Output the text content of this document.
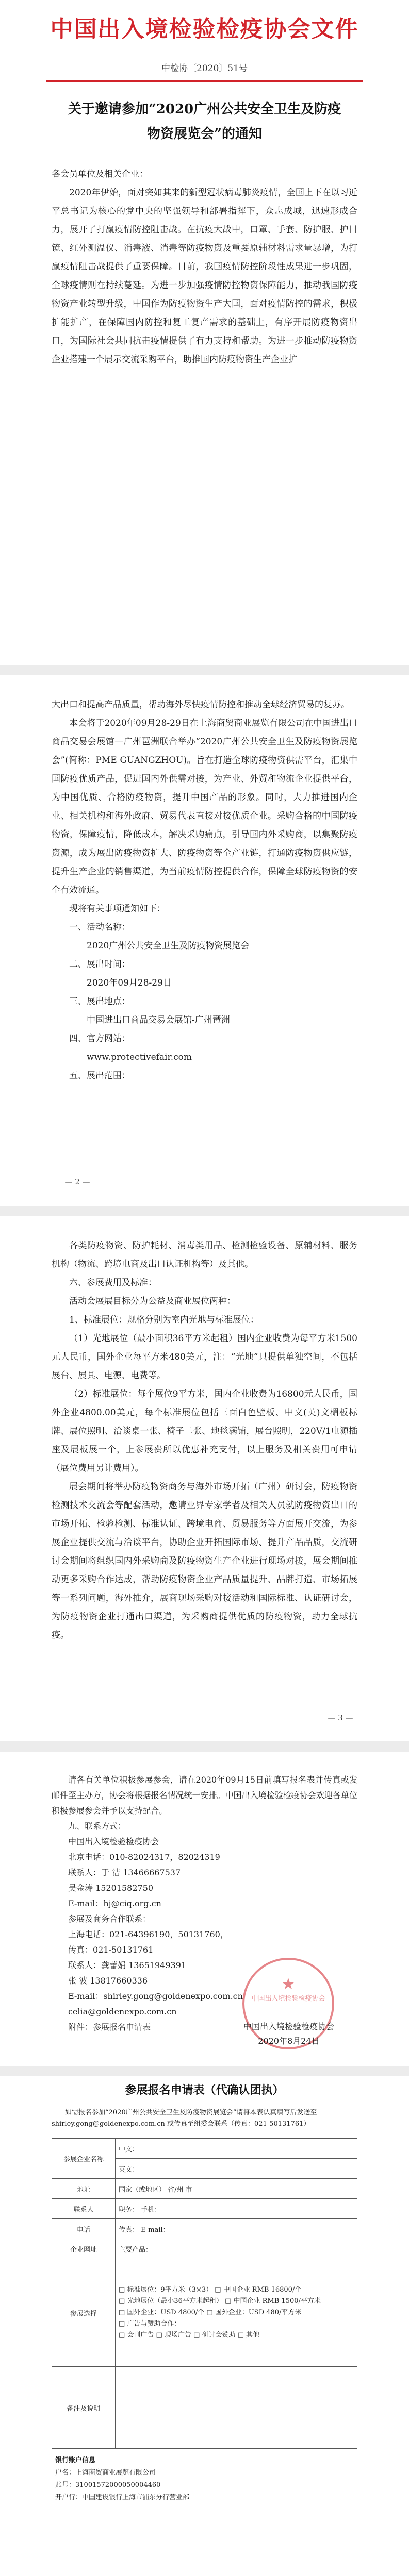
中国出入境检验检疫协会文件
中检协〔2020〕51号
关于邀请参加“2020广州公共安全卫生及防疫
物资展览会”的通知

各会员单位及相关企业：

2020年伊始，面对突如其来的新型冠状病毒肺炎疫情，全国上下在以习近平总书记为核心的党中央的坚强领导和部署指挥下，众志成城，迅速形成合力，展开了打赢疫情防控阻击战。在抗疫大战中，口罩、手套、防护服、护目镜、红外测温仪、消毒液、消毒等防疫物资及重要原辅材料需求量暴增，为打赢疫情阻击战提供了重要保障。目前，我国疫情防控阶段性成果进一步巩固，全球疫情则在持续蔓延。为进一步加强疫情防控物资保障能力，推动我国防疫物资产业转型升级，中国作为防疫物资生产大国，面对疫情防控的需求，积极扩能扩产，在保障国内防控和复工复产需求的基础上，有序开展防疫物资出口，为国际社会共同抗击疫情提供了有力支持和帮助。为进一步推动防疫物资企业搭建一个展示交流采购平台，助推国内防疫物资生产企业扩

大出口和提高产品质量，帮助海外尽快疫情防控和推动全球经济贸易的复苏。

本会将于2020年09月28-29日在上海商贸商业展览有限公司在中国进出口商品交易会展馆—广州琶洲联合举办“2020广州公共安全卫生及防疫物资展览会”(简称：PME GUANGZHOU)。旨在打造全球防疫物资供需平台，汇集中国防疫优质产品，促进国内外供需对接，为产业、外贸和物流企业提供平台，为中国优质、合格防疫物资，提升中国产品的形象。同时，大力推进国内企业、相关机构和海外政府、贸易代表直接对接优质企业。采购合格的中国防疫物资，保障疫情，降低成本，解决采购痛点，引导国内外采购商，以集聚防疫资源，成为展出防疫物资扩大、防疫物资等全产业链，打通防疫物资供应链，提升生产企业的销售渠道，为当前疫情防控提供合作，保障全球防疫物资的安全有效流通。

现将有关事项通知如下：

一、活动名称：

2020广州公共安全卫生及防疫物资展览会

二、展出时间：

2020年09月28-29日

三、展出地点：

中国进出口商品交易会展馆-广州琶洲

四、官方网站：

www.protectivefair.com

五、展出范围：

— 2 —

各类防疫物资、防护耗材、消毒类用品、检测检验设备、原辅材料、服务机构（物流、跨境电商及出口认证机构等）及其他。

六、参展费用及标准：

活动会展展目标分为公益及商业展位两种：

1、标准展位：规格分别为室内光地与标准展位：

（1）光地展位（最小面积36平方米起租）国内企业收费为每平方米1500元人民币，国外企业每平方米480美元，注：“光地”只提供单独空间，不包括展台、展具、电源、电费等。

（2）标准展位：每个展位9平方米，国内企业收费为16800元人民币，国外企业4800.00美元，每个标准展位包括三面白色壁板、中文(英)文楣板标牌、展位照明、洽谈桌一张、椅子二张、地毯满铺，展台照明，220V/1电源插座及展板展一个，上参展费所以优惠补充支付，以上服务及相关费用可申请（展位费用另计费用）。

展会期间将举办防疫物资商务与海外市场开拓（广州）研讨会，防疫物资检测技术交流会等配套活动，邀请业界专家学者及相关人员就防疫物资出口的市场开拓、检验检测、标准认证、跨境电商、贸易服务等方面展开交流，为参展企业提供交流与洽谈平台，协助企业开拓国际市场、提升产品品质，交流研讨会期间将组织国内外采购商及防疫物资生产企业进行现场对接，展会期间推动更多采购合作达成，帮助防疫物资企业产品质量提升、品牌打造、市场拓展等一系列问题，海外推介，展商现场采购对接活动和国际标准、认证研讨会，为防疫物资企业打通出口渠道，为采购商提供优质的防疫物资，助力全球抗疫。

— 3 —

请各有关单位积极参展参会，请在2020年09月15日前填写报名表并传真或发邮件至主办方，协会将根据报名情况统一安排。中国出入境检验检疫协会欢迎各单位积极参展参会并予以支持配合。

九、联系方式：

中国出入境检验检疫协会

北京电话：010-82024317，82024319

联系人：于 洁 13466667537

吴金涛 15201582750

E-mail：hj@ciq.org.cn

参展及商务合作联系：

上海电话：021-64396190，50131760，

传真：021-50131761

联系人：龚蕾娟 13651949391

张 波 13817660336

E-mail：shirley.gong@goldenexpo.com.cn

celia@goldenexpo.com.cn

附件：参展报名申请表

★
中国出入境检验检疫协会
中国出入境检验检疫协会
2020年8月24日
参展报名申请表（代确认团执）
如需报名参加“2020广州公共安全卫生及防疫物资展览会”请将本表认真填写后发送至shirley.gong@goldenexpo.com.cn 或传真至组委会联系（传真：021-50131761）
参展企业名称	中文：
	英文：
地址	国家（或地区） 省/州 市
联系人	职务： 手机：
电话	传真： E-mail：
企业网址	主要产品：
参展选择	□ 标准展位：9平方米（3×3） □ 中国企业 RMB 16800/个
□ 光地展位（最小36平方米起租） □ 中国企业 RMB 1500/平方米
□ 国外企业：USD 4800/个 □ 国外企业：USD 480/平方米
□ 广告与赞助合作：
□ 会刊广告 □ 现场广告 □ 研讨会赞助 □ 其他

备注及说明	

银行账户信息
户名：上海商贸商业展览有限公司
账号：31001572000050004460
开户行：中国建设银行上海市浦东分行营业部	
